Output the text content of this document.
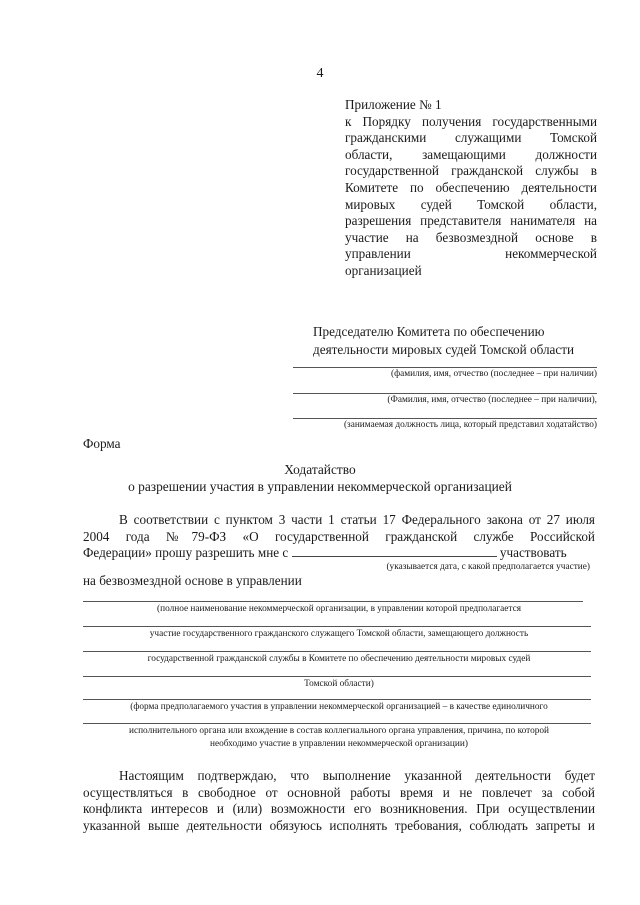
4
Приложение № 1
к Порядку получения государственными
гражданскими служащими Томской
области, замещающими должности
государственной гражданской службы в
Комитете по обеспечению деятельности
мировых судей Томской области,
разрешения представителя нанимателя на
участие на безвозмездной основе в
управлении некоммерческой
организацией
Председателю Комитета по обеспечению
деятельности мировых судей Томской области
(фамилия, имя, отчество (последнее – при наличии)
(Фамилия, имя, отчество (последнее – при наличии),
(занимаемая должность лица, который представил ходатайство)
Форма
Ходатайство
о разрешении участия в управлении некоммерческой организацией
В соответствии с пунктом 3 части 1 статьи 17 Федерального закона от 27 июля
2004 года №79-ФЗ «О государственной гражданской службе Российской
Федерации» прошу разрешить мне с	участвовать
(указывается дата, с какой предполагается участие)
на безвозмездной основе в управлении
(полное наименование некоммерческой организации, в управлении которой предполагается
участие государственного гражданского служащего Томской области, замещающего должность
государственной гражданской службы в Комитете по обеспечению деятельности мировых судей
Томской области)
(форма предполагаемого участия в управлении некоммерческой организацией – в качестве единоличного
исполнительного органа или вхождение в состав коллегиального органа управления, причина, по которой
необходимо участие в управлении некоммерческой организации)
Настоящим подтверждаю, что выполнение указанной деятельности будет
осуществляться в свободное от основной работы время и не повлечет за собой
конфликта интересов и (или) возможности его возникновения. При осуществлении
указанной выше деятельности обязуюсь исполнять требования, соблюдать запреты и
